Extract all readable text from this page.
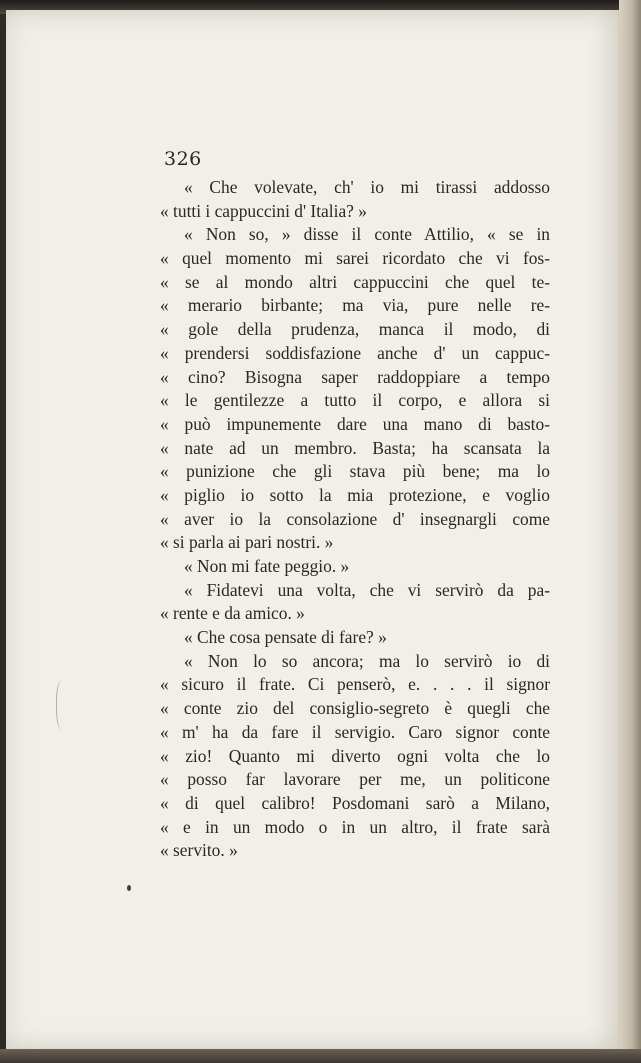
326
« Che volevate, ch' io mi tirassi addosso
« tutti i cappuccini d' Italia? »
« Non so, » disse il conte Attilio, « se in
« quel momento mi sarei ricordato che vi fos-
« se al mondo altri cappuccini che quel te-
« merario birbante; ma via, pure nelle re-
« gole della prudenza, manca il modo, di
« prendersi soddisfazione anche d' un cappuc-
« cino? Bisogna saper raddoppiare a tempo
« le gentilezze a tutto il corpo, e allora si
« può impunemente dare una mano di basto-
« nate ad un membro. Basta; ha scansata la
« punizione che gli stava più bene; ma lo
« piglio io sotto la mia protezione, e voglio
« aver io la consolazione d' insegnargli come
« si parla ai pari nostri. »
« Non mi fate peggio. »
« Fidatevi una volta, che vi servirò da pa-
« rente e da amico. »
« Che cosa pensate di fare? »
« Non lo so ancora; ma lo servirò io di
« sicuro il frate. Ci penserò, e. . . . il signor
« conte zio del consiglio-segreto è quegli che
« m' ha da fare il servigio. Caro signor conte
« zio! Quanto mi diverto ogni volta che lo
« posso far lavorare per me, un politicone
« di quel calibro! Posdomani sarò a Milano,
« e in un modo o in un altro, il frate sarà
« servito. »
